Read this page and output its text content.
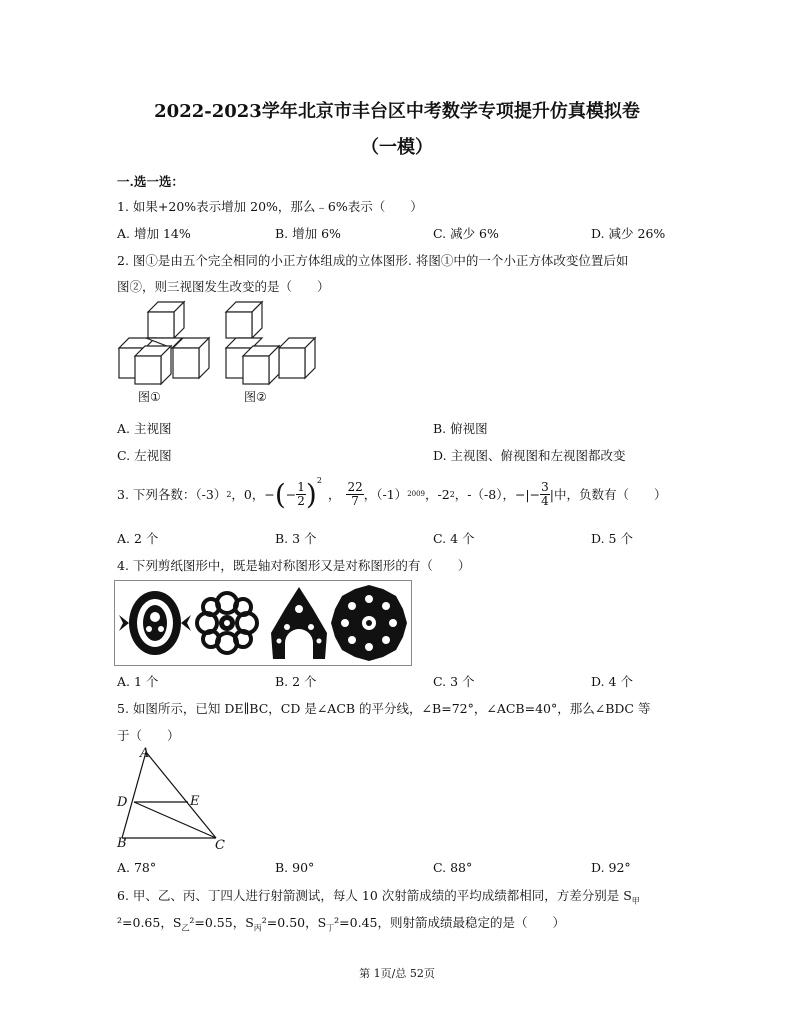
2022-2023学年北京市丰台区中考数学专项提升仿真模拟卷
（一模）
一.选一选：
1. 如果+20%表示增加 20%，那么﹣6%表示（　　）
A. 增加 14%	B. 增加 6%	C. 减少 6%	D. 减少 26%
2. 图①是由五个完全相同的小正方体组成的立体图形. 将图①中的一个小正方体改变位置后如
图②，则三视图发生改变的是（　　）
图①	图②
A. 主视图	B. 俯视图
C. 左视图	D. 主视图、俯视图和左视图都改变
3. 下列各数：（-3） 2 ，0， − ( − $\frac{1}{2} )^2$
， $\frac{22}{7}$ ，（-1） 2009 ，-2 2 ，-（-8）， −|− $\frac{3}{4}$ |中，负数有（　　）
A. 2 个	B. 3 个	C. 4 个	D. 5 个
4. 下列剪纸图形中，既是轴对称图形又是对称图形的有（　　）
A. 1 个	B. 2 个	C. 3 个	D. 4 个
5. 如图所示，已知 DE∥BC，CD 是∠ACB 的平分线，∠B=72°，∠ACB=40°，那么∠BDC 等
于（　　）
A
D	E
B	C
A. 78°	B. 90°	C. 88°	D. 92°
6. 甲、乙、丙、丁四人进行射箭测试，每人 10 次射箭成绩的平均成绩都相同，方差分别是 $S_甲$
²=0.65，$S_乙^2=0.55$，$S_丙^2=0.50$，$S_丁^2=0.45$，则射箭成绩最稳定的是（　　）
第 1页/总 52页
